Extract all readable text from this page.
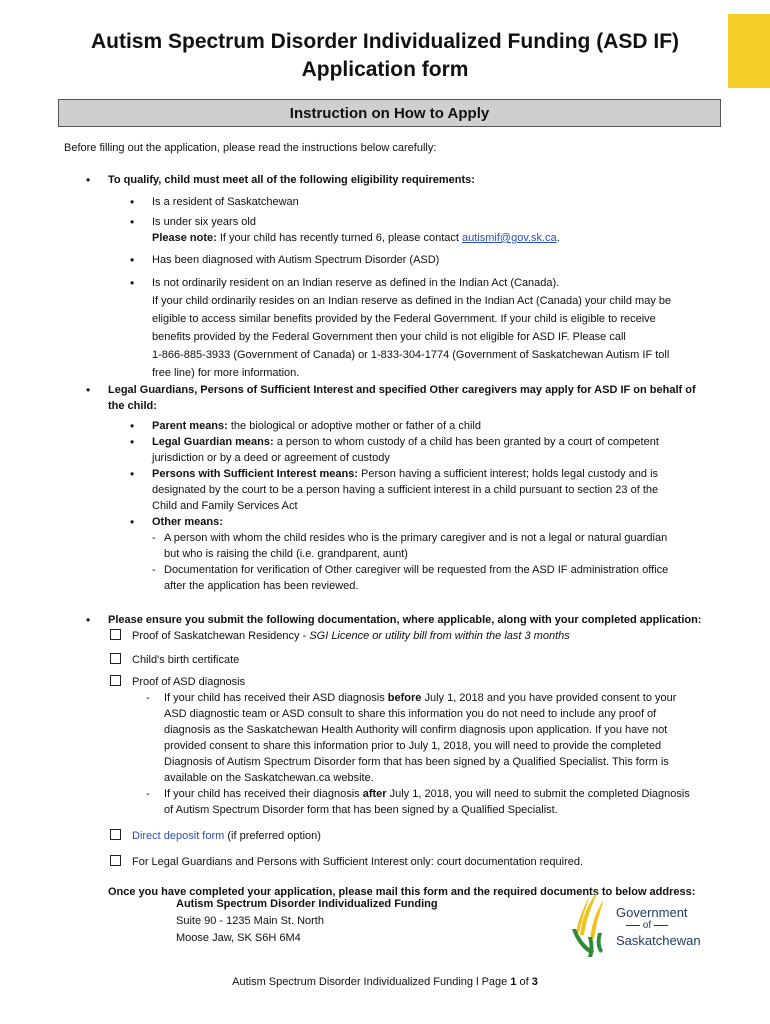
Autism Spectrum Disorder Individualized Funding (ASD IF)
Application form
Instruction on How to Apply
Before filling out the application, please read the instructions below carefully:
• To qualify, child must meet all of the following eligibility requirements:
• Is a resident of Saskatchewan
• Is under six years old
Please note: If your child has recently turned 6, please contact autismif@gov.sk.ca.
• Has been diagnosed with Autism Spectrum Disorder (ASD)
• Is not ordinarily resident on an Indian reserve as defined in the Indian Act (Canada).
If your child ordinarily resides on an Indian reserve as defined in the Indian Act (Canada) your child may be
eligible to access similar benefits provided by the Federal Government. If your child is eligible to receive
benefits provided by the Federal Government then your child is not eligible for ASD IF. Please call
1-866-885-3933 (Government of Canada) or 1-833-304-1774 (Government of Saskatchewan Autism IF toll
free line) for more information.
• Legal Guardians, Persons of Sufficient Interest and specified Other caregivers may apply for ASD IF on behalf of
the child:
• Parent means: the biological or adoptive mother or father of a child
• Legal Guardian means: a person to whom custody of a child has been granted by a court of competent
jurisdiction or by a deed or agreement of custody
• Persons with Sufficient Interest means: Person having a sufficient interest; holds legal custody and is
designated by the court to be a person having a sufficient interest in a child pursuant to section 23 of the
Child and Family Services Act
• Other means:
- A person with whom the child resides who is the primary caregiver and is not a legal or natural guardian
but who is raising the child (i.e. grandparent, aunt)
- Documentation for verification of Other caregiver will be requested from the ASD IF administration office
after the application has been reviewed.
• Please ensure you submit the following documentation, where applicable, along with your completed application:
Proof of Saskatchewan Residency - SGI Licence or utility bill from within the last 3 months
Child's birth certificate
Proof of ASD diagnosis
- If your child has received their ASD diagnosis before July 1, 2018 and you have provided consent to your
ASD diagnostic team or ASD consult to share this information you do not need to include any proof of
diagnosis as the Saskatchewan Health Authority will confirm diagnosis upon application. If you have not
provided consent to share this information prior to July 1, 2018, you will need to provide the completed
Diagnosis of Autism Spectrum Disorder form that has been signed by a Qualified Specialist. This form is
available on the Saskatchewan.ca website.
- If your child has received their diagnosis after July 1, 2018, you will need to submit the completed Diagnosis
of Autism Spectrum Disorder form that has been signed by a Qualified Specialist.
Direct deposit form (if preferred option)
For Legal Guardians and Persons with Sufficient Interest only: court documentation required.
Once you have completed your application, please mail this form and the required documents to below address:
Autism Spectrum Disorder Individualized Funding
Suite 90 - 1235 Main St. North
Moose Jaw, SK S6H 6M4
Government
of
Saskatchewan
Autism Spectrum Disorder Individualized Funding l Page 1 of 3
